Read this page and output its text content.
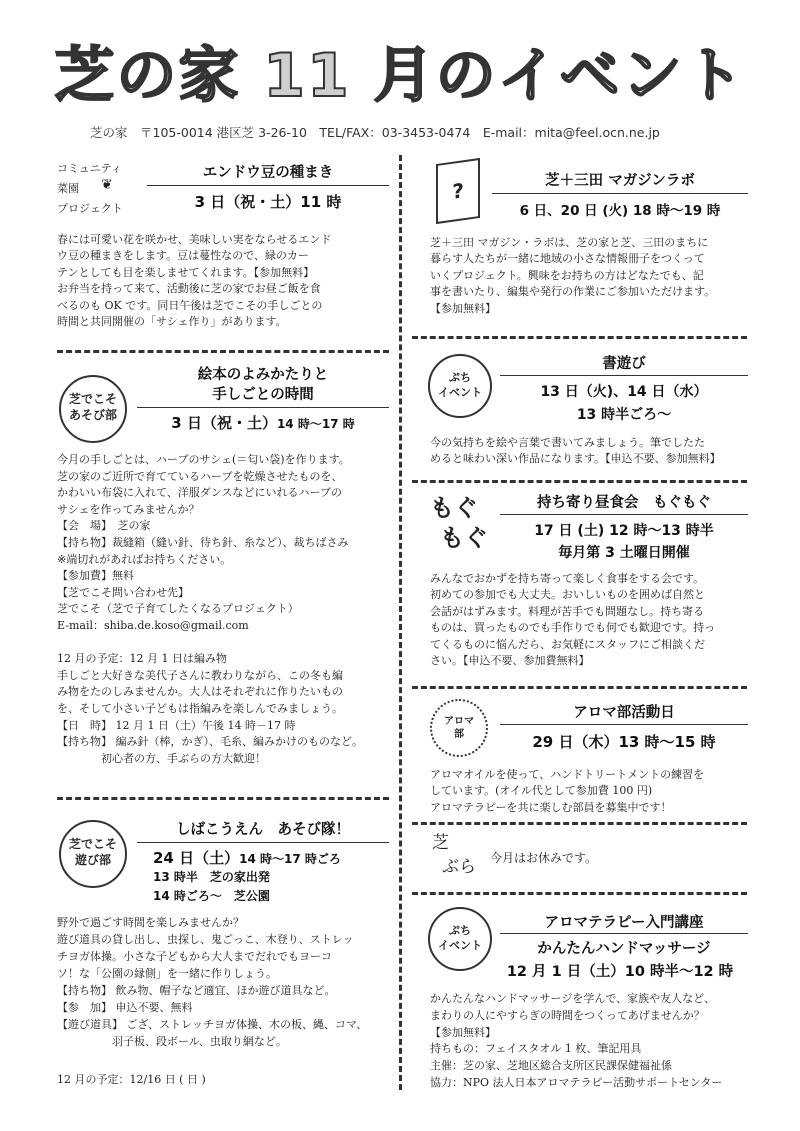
芝の家 11 月のイベント
芝の家　〒105-0014 港区芝 3-26-10　TEL/FAX：03-3453-0474　E-mail：mita@feel.ocn.ne.jp
コミュニティ
菜園
プロジェクト
❦
エンドウ豆の種まき
3 日（祝・土）11 時
春には可愛い花を咲かせ、美味しい実をならせるエンド
ウ豆の種まきをします。豆は蔓性なので、緑のカー
テンとしても目を楽しませてくれます。【参加無料】
お弁当を持って来て、活動後に芝の家でお昼ご飯を食
べるのも OK です。同日午後は芝でこその手しごとの
時間と共同開催の「サシェ作り」があります。
芝でこそ
あそび部
絵本のよみかたりと
手しごとの時間
3 日（祝・土）14 時〜17 時
今月の手しごとは、ハーブのサシェ(＝匂い袋)を作ります。
芝の家のご近所で育てているハーブを乾燥させたものを、
かわいい布袋に入れて、洋服ダンスなどにいれるハーブの
サシェを作ってみませんか？
【会　場】　芝の家
【持ち物】裁縫箱（縫い針、待ち針、糸など）、裁ちばさみ
※端切れがあればお持ちください。
【参加費】無料
【芝でこそ問い合わせ先】
芝でこそ（芝で子育てしたくなるプロジェクト）
E-mail：shiba.de.koso@gmail.com

12 月の予定：12 月 1 日は編み物
手しごと大好きな美代子さんに教わりながら、この冬も編
み物をたのしみませんか。大人はそれぞれに作りたいもの
を、そして小さい子どもは指編みを楽しんでみましょう。
【日　時】 12 月 1 日（土）午後 14 時－17 時
【持ち物】 編み針（棒，かぎ）、毛糸、編みかけのものなど。
　　　　初心者の方、手ぶらの方大歓迎！
芝でこそ
遊び部
しばこうえん　あそび隊！
24 日（土）14 時〜17 時ごろ
13 時半　芝の家出発
14 時ごろ〜　芝公園
野外で過ごす時間を楽しみませんか？
遊び道具の貸し出し、虫探し、鬼ごっこ、木登り、ストレッ
チヨガ体操。小さな子どもから大人までだれでもヨーコ
ソ！な「公園の縁側」を一緒に作りしょう。
【持ち物】 飲み物、帽子など適宜、ほか遊び道具など。
【参　加】 申込不要、無料
【遊び道具】 ござ、ストレッチヨガ体操、木の板、縄、コマ、
　　　　　羽子板、段ボール、虫取り網など。
12 月の予定：12/16 日 ( 日 )
?	芝＋三田 マガジンラボ
6 日、20 日 (火) 18 時〜19 時
芝＋三田 マガジン・ラボは、芝の家と芝、三田のまちに
暮らす人たちが一緒に地域の小さな情報冊子をつくって
いくプロジェクト。興味をお持ちの方はどなたでも、記
事を書いたり、編集や発行の作業にご参加いただけます。
【参加無料】
ぷち
イベント
書遊び
13 日（火)、14 日（水）
13 時半ごろ〜
今の気持ちを絵や言葉で書いてみましょう。筆でしたた
めると味わい深い作品になります。【申込不要、参加無料】
もぐ
もぐ
持ち寄り昼食会　もぐもぐ
17 日 (土) 12 時〜13 時半
毎月第 3 土曜日開催
みんなでおかずを持ち寄って楽しく食事をする会です。
初めての参加でも大丈夫。おいしいものを囲めば自然と
会話がはずみます。料理が苦手でも問題なし。持ち寄る
ものは、買ったものでも手作りでも何でも歓迎です。持っ
てくるものに悩んだら、お気軽にスタッフにご相談くだ
さい。【申込不要、参加費無料】
アロマ
部
アロマ部活動日
29 日（木）13 時〜15 時
アロマオイルを使って、ハンドトリートメントの練習を
しています。(オイル代として参加費 100 円)
アロマテラピーを共に楽しむ部員を募集中です！
芝
ぶら	今月はお休みです。
ぷち
イベント
アロマテラピー入門講座
かんたんハンドマッサージ
12 月 1 日（土）10 時半〜12 時
かんたんなハンドマッサージを学んで、家族や友人など、
まわりの人にやすらぎの時間をつくってあげませんか？
【参加無料】
持ちもの：フェイスタオル 1 枚、筆記用具
主催：芝の家、芝地区総合支所区民課保健福祉係
協力：NPO 法人日本アロマテラピー活動サポートセンター
